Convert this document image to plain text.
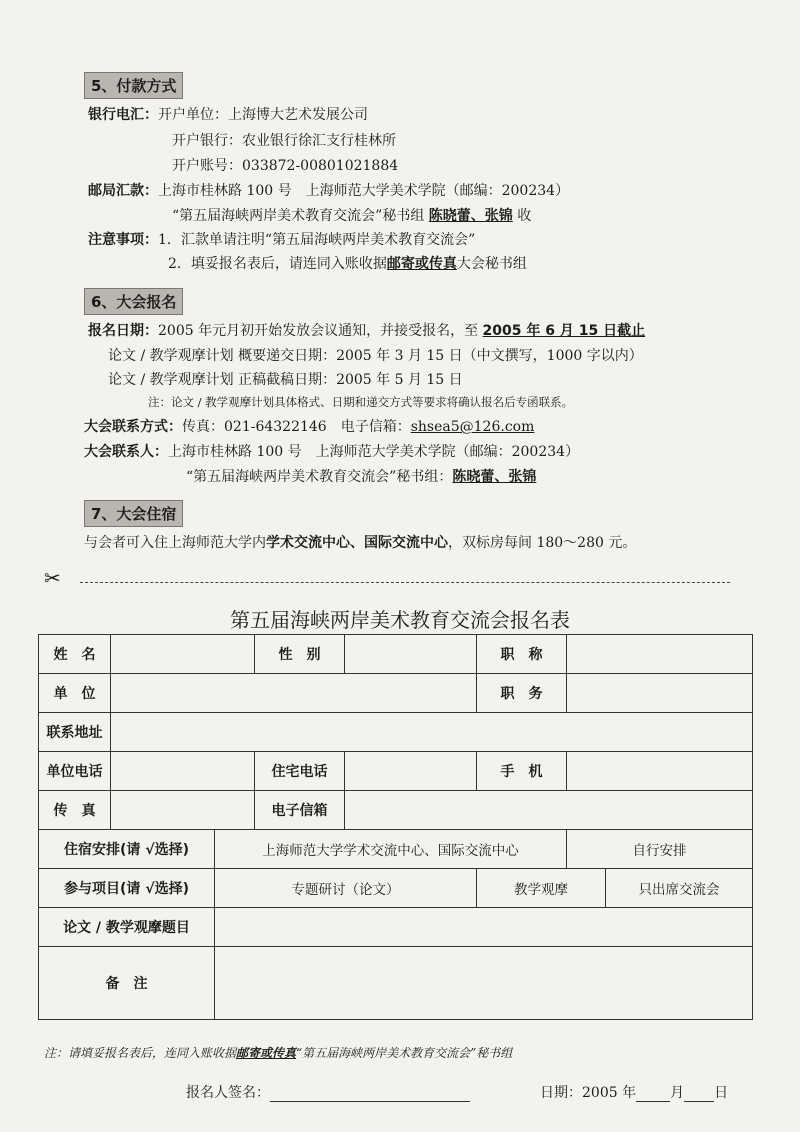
5、付款方式
银行电汇：开户单位：上海博大艺术发展公司
开户银行：农业银行徐汇支行桂林所
开户账号：033872-00801021884
邮局汇款：上海市桂林路 100 号　上海师范大学美术学院（邮编：200234）
“第五届海峡两岸美术教育交流会”秘书组 陈晓蕾、张锦 收
注意事项：1．汇款单请注明“第五届海峡两岸美术教育交流会”
2．填妥报名表后，请连同入账收据邮寄或传真大会秘书组
6、大会报名
报名日期：2005 年元月初开始发放会议通知，并接受报名，至 2005 年 6 月 15 日截止
论文 / 教学观摩计划 概要递交日期：2005 年 3 月 15 日（中文撰写，1000 字以内）
论文 / 教学观摩计划 正稿截稿日期：2005 年 5 月 15 日
注：论文 / 教学观摩计划具体格式、日期和递交方式等要求将确认报名后专函联系。
大会联系方式：传真：021-64322146　电子信箱：shsea5@126.com
大会联系人：上海市桂林路 100 号　上海师范大学美术学院（邮编：200234）
“第五届海峡两岸美术教育交流会”秘书组：陈晓蕾、张锦
7、大会住宿
与会者可入住上海师范大学内学术交流中心、国际交流中心，双标房每间 180～280 元。
✂
第五届海峡两岸美术教育交流会报名表
姓　名			性　别		职　称		
单　位					职　务		
联系地址							
单位电话			住宅电话		手　机		
传　真			电子信箱				
住宿安排(请 √选择)		上海师范大学学术交流中心、国际交流中心				自行安排	
参与项目(请 √选择)		专题研讨（论文）			教学观摩		只出席交流会
论文 / 教学观摩题目							
备　注							
注：请填妥报名表后，连同入账收据邮寄或传真“第五届海峡两岸美术教育交流会”秘书组
报名人签名：	日期：2005 年 月 日
